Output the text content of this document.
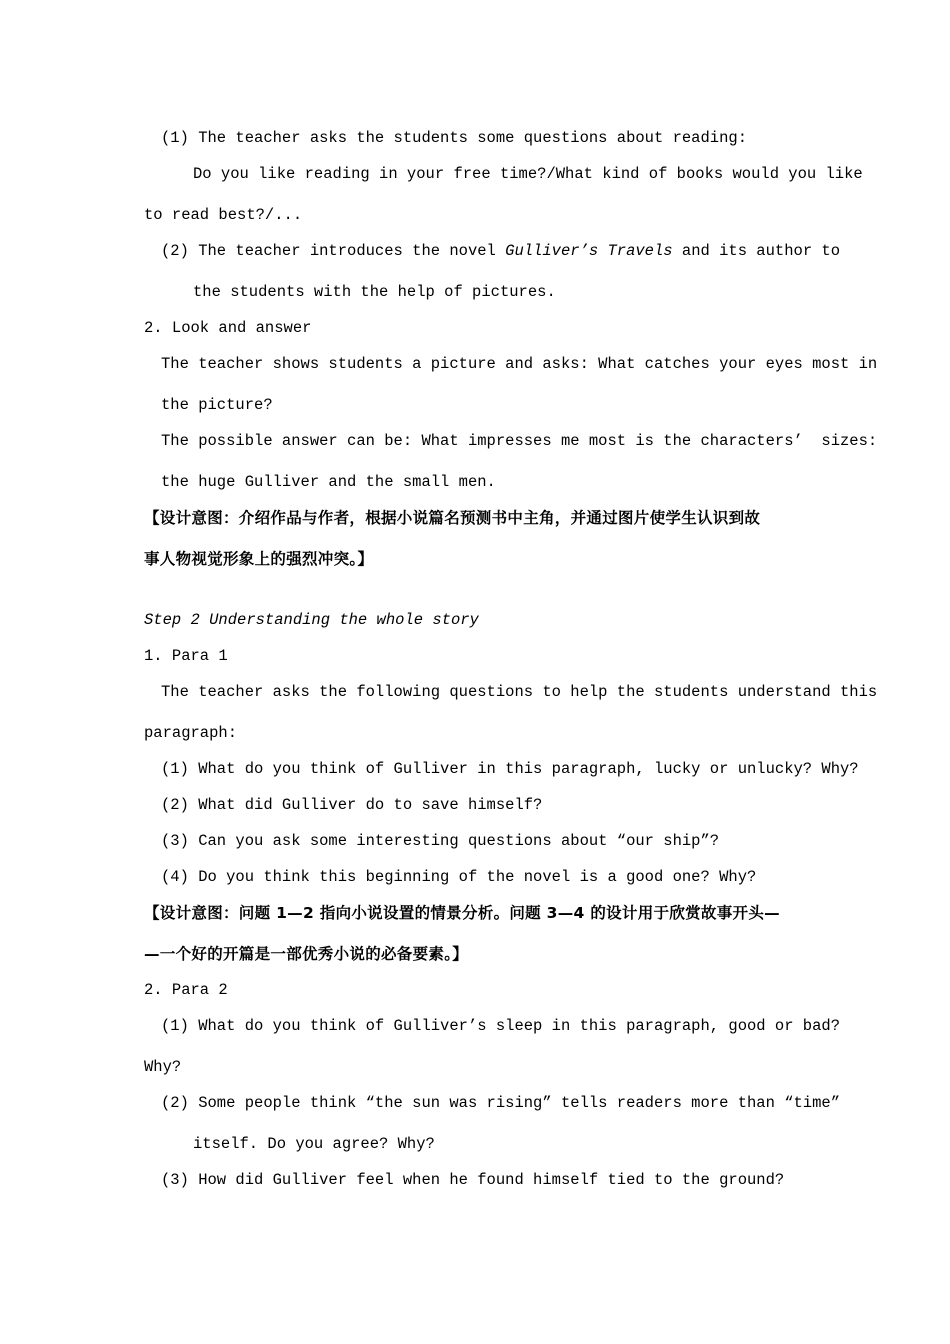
(1) The teacher asks the students some questions about reading:
Do you like reading in your free time?/What kind of books would you like
to read best?/...
(2) The teacher introduces the novel Gulliver’s Travels and its author to
the students with the help of pictures.
2. Look and answer
The teacher shows students a picture and asks: What catches your eyes most in
the picture?
The possible answer can be: What impresses me most is the characters’  sizes:
the huge Gulliver and the small men.
【设计意图：介绍作品与作者，根据小说篇名预测书中主角，并通过图片使学生认识到故
事人物视觉形象上的强烈冲突。】
Step 2 Understanding the whole story
1. Para 1
The teacher asks the following questions to help the students understand this
paragraph:
(1) What do you think of Gulliver in this paragraph, lucky or unlucky? Why?
(2) What did Gulliver do to save himself?
(3) Can you ask some interesting questions about “our ship”?
(4) Do you think this beginning of the novel is a good one? Why?
【设计意图：问题 1—2 指向小说设置的情景分析。问题 3—4 的设计用于欣赏故事开头—
—一个好的开篇是一部优秀小说的必备要素。】
2. Para 2
(1) What do you think of Gulliver’s sleep in this paragraph, good or bad?
Why?
(2) Some people think “the sun was rising” tells readers more than “time”
itself. Do you agree? Why?
(3) How did Gulliver feel when he found himself tied to the ground?
